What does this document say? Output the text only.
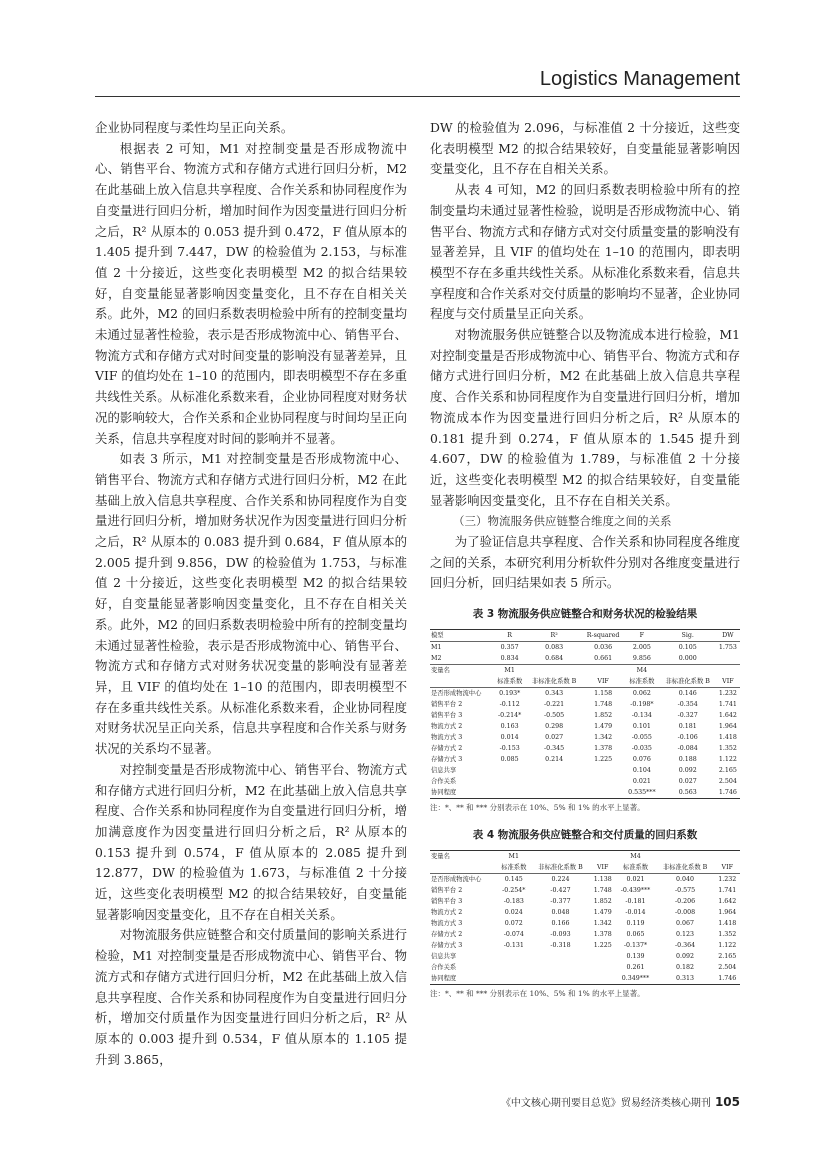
Logistics Management

企业协同程度与柔性均呈正向关系。

根据表 2 可知，M1 对控制变量是否形成物流中心、销售平台、物流方式和存储方式进行回归分析，M2 在此基础上放入信息共享程度、合作关系和协同程度作为自变量进行回归分析，增加时间作为因变量进行回归分析之后，R² 从原本的 0.053 提升到 0.472，F 值从原本的 1.405 提升到 7.447，DW 的检验值为 2.153，与标准值 2 十分接近，这些变化表明模型 M2 的拟合结果较好，自变量能显著影响因变量变化，且不存在自相关关系。此外，M2 的回归系数表明检验中所有的控制变量均未通过显著性检验，表示是否形成物流中心、销售平台、物流方式和存储方式对时间变量的影响没有显著差异，且 VIF 的值均处在 1–10 的范围内，即表明模型不存在多重共线性关系。从标准化系数来看，企业协同程度对财务状况的影响较大，合作关系和企业协同程度与时间均呈正向关系，信息共享程度对时间的影响并不显著。

如表 3 所示，M1 对控制变量是否形成物流中心、销售平台、物流方式和存储方式进行回归分析，M2 在此基础上放入信息共享程度、合作关系和协同程度作为自变量进行回归分析，增加财务状况作为因变量进行回归分析之后，R² 从原本的 0.083 提升到 0.684，F 值从原本的 2.005 提升到 9.856，DW 的检验值为 1.753，与标准值 2 十分接近，这些变化表明模型 M2 的拟合结果较好，自变量能显著影响因变量变化，且不存在自相关关系。此外，M2 的回归系数表明检验中所有的控制变量均未通过显著性检验，表示是否形成物流中心、销售平台、物流方式和存储方式对财务状况变量的影响没有显著差异，且 VIF 的值均处在 1–10 的范围内，即表明模型不存在多重共线性关系。从标准化系数来看，企业协同程度对财务状况呈正向关系，信息共享程度和合作关系与财务状况的关系均不显著。

对控制变量是否形成物流中心、销售平台、物流方式和存储方式进行回归分析，M2 在此基础上放入信息共享程度、合作关系和协同程度作为自变量进行回归分析，增加满意度作为因变量进行回归分析之后，R² 从原本的 0.153 提升到 0.574，F 值从原本的 2.085 提升到 12.877，DW 的检验值为 1.673，与标准值 2 十分接近，这些变化表明模型 M2 的拟合结果较好，自变量能显著影响因变量变化，且不存在自相关关系。

对物流服务供应链整合和交付质量间的影响关系进行检验，M1 对控制变量是否形成物流中心、销售平台、物流方式和存储方式进行回归分析，M2 在此基础上放入信息共享程度、合作关系和协同程度作为自变量进行回归分析，增加交付质量作为因变量进行回归分析之后，R² 从原本的 0.003 提升到 0.534，F 值从原本的 1.105 提升到 3.865，

DW 的检验值为 2.096，与标准值 2 十分接近，这些变化表明模型 M2 的拟合结果较好，自变量能显著影响因变量变化，且不存在自相关关系。

从表 4 可知，M2 的回归系数表明检验中所有的控制变量均未通过显著性检验，说明是否形成物流中心、销售平台、物流方式和存储方式对交付质量变量的影响没有显著差异，且 VIF 的值均处在 1–10 的范围内，即表明模型不存在多重共线性关系。从标准化系数来看，信息共享程度和合作关系对交付质量的影响均不显著，企业协同程度与交付质量呈正向关系。

对物流服务供应链整合以及物流成本进行检验，M1 对控制变量是否形成物流中心、销售平台、物流方式和存储方式进行回归分析，M2 在此基础上放入信息共享程度、合作关系和协同程度作为自变量进行回归分析，增加物流成本作为因变量进行回归分析之后，R² 从原本的 0.181 提升到 0.274，F 值从原本的 1.545 提升到 4.607，DW 的检验值为 1.789，与标准值 2 十分接近，这些变化表明模型 M2 的拟合结果较好，自变量能显著影响因变量变化，且不存在自相关关系。

（三）物流服务供应链整合维度之间的关系

为了验证信息共享程度、合作关系和协同程度各维度之间的关系，本研究利用分析软件分别对各维度变量进行回归分析，回归结果如表 5 所示。

表 3 物流服务供应链整合和财务状况的检验结果
模型	R	R²	R-squared	F	Sig.	DW
M1	0.357	0.083	0.036	2.005	0.105	1.753
M2	0.834	0.684	0.661	9.856	0.000	
变量名	M1			M4		
	标准系数	非标准化系数 B	VIF	标准系数	非标准化系数 B	VIF
是否形成物流中心	0.193*	0.343	1.158	0.062	0.146	1.232
销售平台 2	-0.112	-0.221	1.748	-0.198*	-0.354	1.741
销售平台 3	-0.214*	-0.505	1.852	-0.134	-0.327	1.642
物流方式 2	0.163	0.298	1.479	0.101	0.181	1.964
物流方式 3	0.014	0.027	1.342	-0.055	-0.106	1.418
存储方式 2	-0.153	-0.345	1.378	-0.035	-0.084	1.352
存储方式 3	0.085	0.214	1.225	0.076	0.188	1.122
信息共享				0.104	0.092	2.165
合作关系				0.021	0.027	2.504
协同程度				0.535***	0.563	1.746
注：*、** 和 *** 分别表示在 10%、5% 和 1% 的水平上显著。
表 4 物流服务供应链整合和交付质量的回归系数
变量名	M1			M4		
	标准系数	非标准化系数 B	VIF	标准系数	非标准化系数 B	VIF
是否形成物流中心	0.145	0.224	1.138	0.021	0.040	1.232
销售平台 2	-0.254*	-0.427	1.748	-0.439***	-0.575	1.741
销售平台 3	-0.183	-0.377	1.852	-0.181	-0.206	1.642
物流方式 2	0.024	0.048	1.479	-0.014	-0.008	1.964
物流方式 3	0.072	0.166	1.342	0.119	0.067	1.418
存储方式 2	-0.074	-0.093	1.378	0.065	0.123	1.352
存储方式 3	-0.131	-0.318	1.225	-0.137*	-0.364	1.122
信息共享				0.139	0.092	2.165
合作关系				0.261	0.182	2.504
协同程度				0.349***	0.313	1.746
注：*、** 和 *** 分别表示在 10%、5% 和 1% 的水平上显著。
《中文核心期刊要目总览》贸易经济类核心期刊 105
